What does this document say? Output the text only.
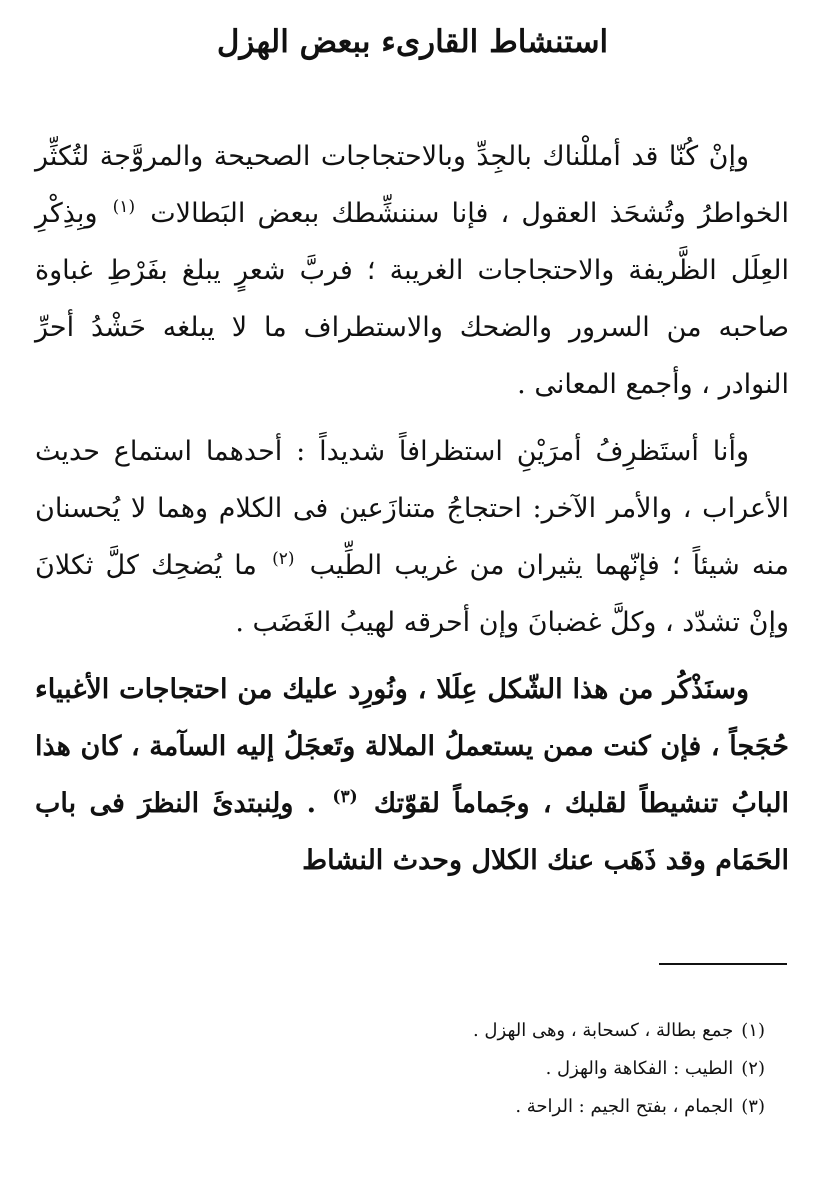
استنشاط القارىء ببعض الهزل

وإنْ كُنّا قد أمللْناك بالجِدِّ وبالاحتجاجات الصحيحة والمروَّجة لتُكثِّر الخواطرُ وتُشحَذ العقول ، فإنا سننشِّطك ببعض البَطالات $^{(١)}$ وبِذِكْرِ العِلَل الظَّريفة والاحتجاجات الغريبة ؛ فربَّ شعرٍ يبلغ بفَرْطِ غباوة صاحبه من السرور والضحك والاستطراف ما لا يبلغه حَشْدُ أحرِّ النوادر ، وأجمع المعانى .

وأنا أستَظرِفُ أمرَيْنِ استظرافاً شديداً : أحدهما استماع حديث الأعراب ، والأمر الآخر: احتجاجُ متنازَعين فى الكلام وهما لا يُحسنان منه شيئاً ؛ فإنّهما يثيران من غريب الطِّيب $^{(٢)}$ ما يُضحِك كلَّ ثكلانَ وإنْ تشدّد ، وكلَّ غضبانَ وإن أحرقه لهيبُ الغَضَب .

وسنَذْكُر من هذا الشّكل عِلَلا ، ونُورِد عليك من احتجاجات الأغبياء حُجَجاً ، فإن كنت ممن يستعملُ الملالة وتَعجَلُ إليه السآمة ، كان هذا البابُ تنشيطاً لقلبك ، وجَماماً لقوّتك $^{(٣)}$ . ولِنبتدئَ النظرَ فى باب الحَمَام وقد ذَهَب عنك الكلال وحدث النشاط

(١)جمع بطالة ، كسحابة ، وهى الهزل .

(٢)الطيب : الفكاهة والهزل .

(٣)الجمام ، بفتح الجيم : الراحة .
